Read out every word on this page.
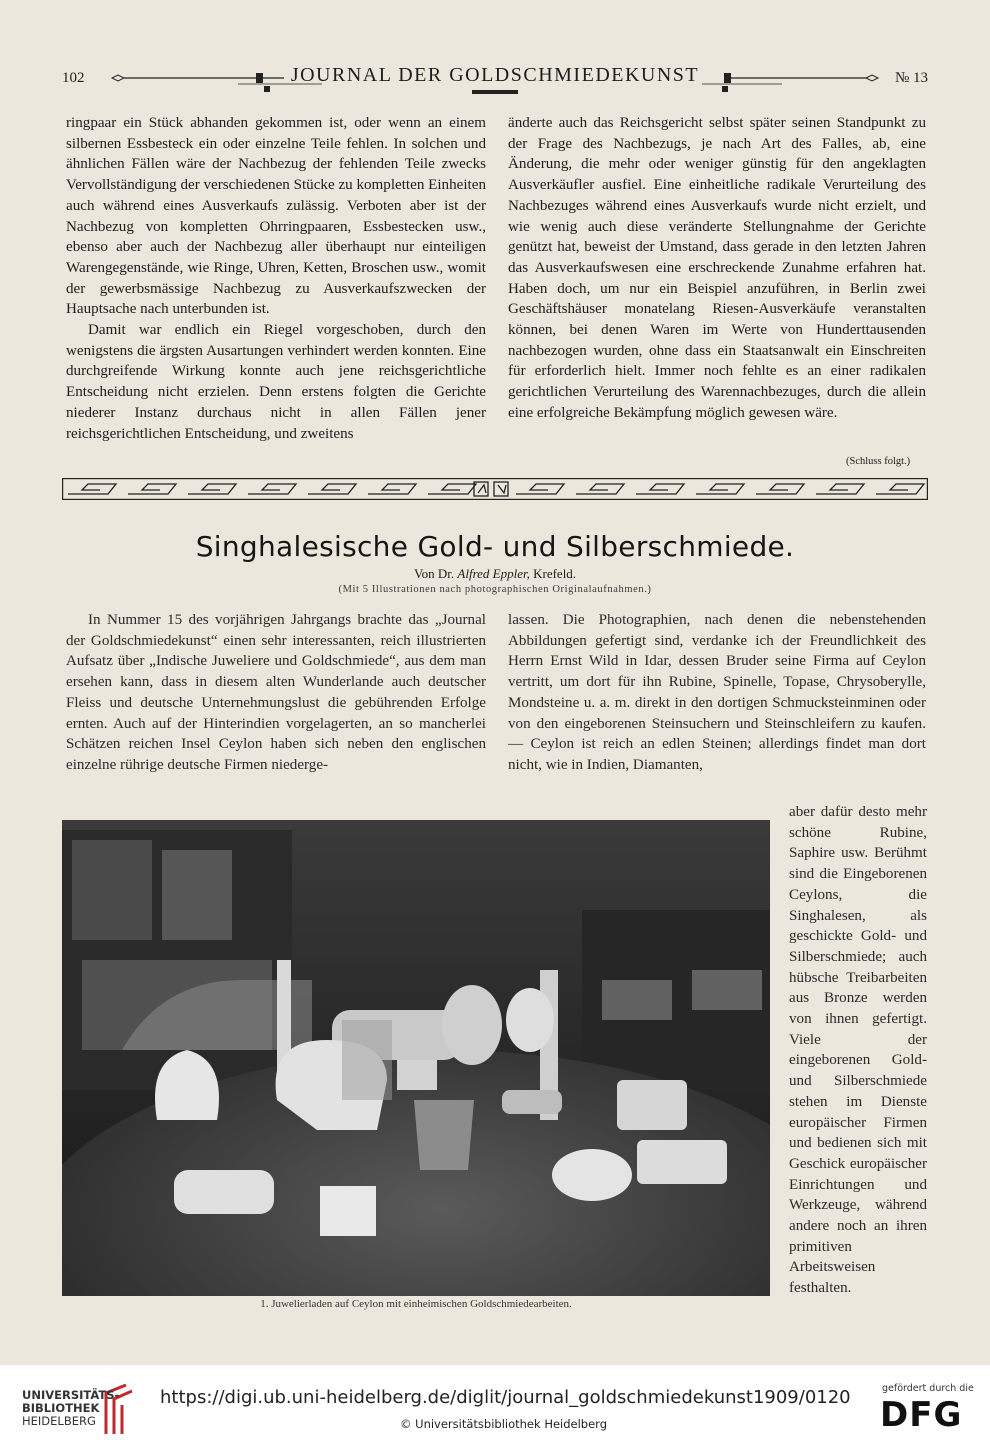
102	JOURNAL DER GOLDSCHMIEDEKUNST	№ 13

ringpaar ein Stück abhanden gekommen ist, oder wenn an einem silbernen Essbesteck ein oder einzelne Teile fehlen. In solchen und ähnlichen Fällen wäre der Nachbezug der fehlenden Teile zwecks Vervollständigung der verschiedenen Stücke zu kompletten Einheiten auch während eines Ausverkaufs zulässig. Verboten aber ist der Nachbezug von kompletten Ohrringpaaren, Essbestecken usw., ebenso aber auch der Nachbezug aller überhaupt nur einteiligen Warengegenstände, wie Ringe, Uhren, Ketten, Broschen usw., womit der gewerbsmässige Nachbezug zu Ausverkaufszwecken der Hauptsache nach unterbunden ist.

Damit war endlich ein Riegel vorgeschoben, durch den wenigstens die ärgsten Ausartungen verhindert werden konnten. Eine durchgreifende Wirkung konnte auch jene reichsgerichtliche Entscheidung nicht erzielen. Denn erstens folgten die Gerichte niederer Instanz durchaus nicht in allen Fällen jener reichsgerichtlichen Entscheidung, und zweitens

änderte auch das Reichsgericht selbst später seinen Standpunkt zu der Frage des Nachbezugs, je nach Art des Falles, ab, eine Änderung, die mehr oder weniger günstig für den angeklagten Ausverkäufler ausfiel. Eine einheitliche radikale Verurteilung des Nachbezuges während eines Ausverkaufs wurde nicht erzielt, und wie wenig auch diese veränderte Stellungnahme der Gerichte genützt hat, beweist der Umstand, dass gerade in den letzten Jahren das Ausverkaufswesen eine erschreckende Zunahme erfahren hat. Haben doch, um nur ein Beispiel anzuführen, in Berlin zwei Geschäftshäuser monatelang Riesen-Ausverkäufe veranstalten können, bei denen Waren im Werte von Hunderttausenden nachbezogen wurden, ohne dass ein Staatsanwalt ein Einschreiten für erforderlich hielt. Immer noch fehlte es an einer radikalen gerichtlichen Verurteilung des Warennachbezuges, durch die allein eine erfolgreiche Bekämpfung möglich gewesen wäre.

(Schluss folgt.)
Singhalesische Gold- und Silberschmiede.
Von Dr. Alfred Eppler, Krefeld.
(Mit 5 Illustrationen nach photographischen Originalaufnahmen.)

In Nummer 15 des vorjährigen Jahrgangs brachte das „Journal der Goldschmiedekunst“ einen sehr interessanten, reich illustrierten Aufsatz über „Indische Juweliere und Goldschmiede“, aus dem man ersehen kann, dass in diesem alten Wunderlande auch deutscher Fleiss und deutsche Unternehmungslust die gebührenden Erfolge ernten. Auch auf der Hinterindien vorgelagerten, an so mancherlei Schätzen reichen Insel Ceylon haben sich neben den englischen einzelne rührige deutsche Firmen niederge-

lassen. Die Photographien, nach denen die nebenstehenden Abbildungen gefertigt sind, verdanke ich der Freundlichkeit des Herrn Ernst Wild in Idar, dessen Bruder seine Firma auf Ceylon vertritt, um dort für ihn Rubine, Spinelle, Topase, Chrysoberylle, Mondsteine u. a. m. direkt in den dortigen Schmucksteinminen oder von den eingeborenen Steinsuchern und Steinschleifern zu kaufen. — Ceylon ist reich an edlen Steinen; allerdings findet man dort nicht, wie in Indien, Diamanten,

aber dafür desto mehr schöne Rubine, Saphire usw. Berühmt sind die Eingeborenen Ceylons, die Singhalesen, als geschickte Gold- und Silberschmiede; auch hübsche Treibarbeiten aus Bronze werden von ihnen gefertigt. Viele der eingeborenen Gold- und Silberschmiede stehen im Dienste europäischer Firmen und bedienen sich mit Geschick europäischer Einrichtungen und Werkzeuge, während andere noch an ihren primitiven Arbeitsweisen festhalten.

1. Juwelierladen auf Ceylon mit einheimischen Goldschmiedearbeiten.
UNIVERSITÄTS-
BIBLIOTHEK
HEIDELBERG
https://digi.ub.uni-heidelberg.de/diglit/journal_goldschmiedekunst1909/0120
© Universitätsbibliothek Heidelberg
gefördert durch die
DFG
